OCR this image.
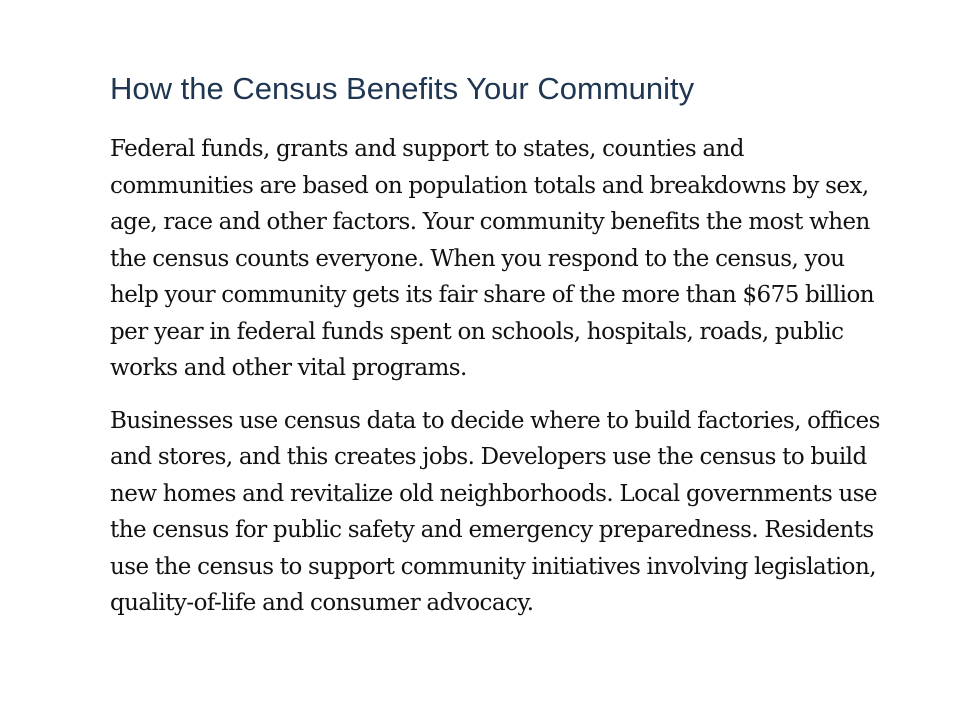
How the Census Benefits Your Community

Federal funds, grants and support to states, counties and communities are based on population totals and breakdowns by sex, age, race and other factors. Your community benefits the most when the census counts everyone. When you respond to the census, you help your community gets its fair share of the more than $675 billion per year in federal funds spent on schools, hospitals, roads, public works and other vital programs.

Businesses use census data to decide where to build factories, offices and stores, and this creates jobs. Developers use the census to build new homes and revitalize old neighborhoods. Local governments use the census for public safety and emergency preparedness. Residents use the census to support community initiatives involving legislation, quality-of-life and consumer advocacy.
